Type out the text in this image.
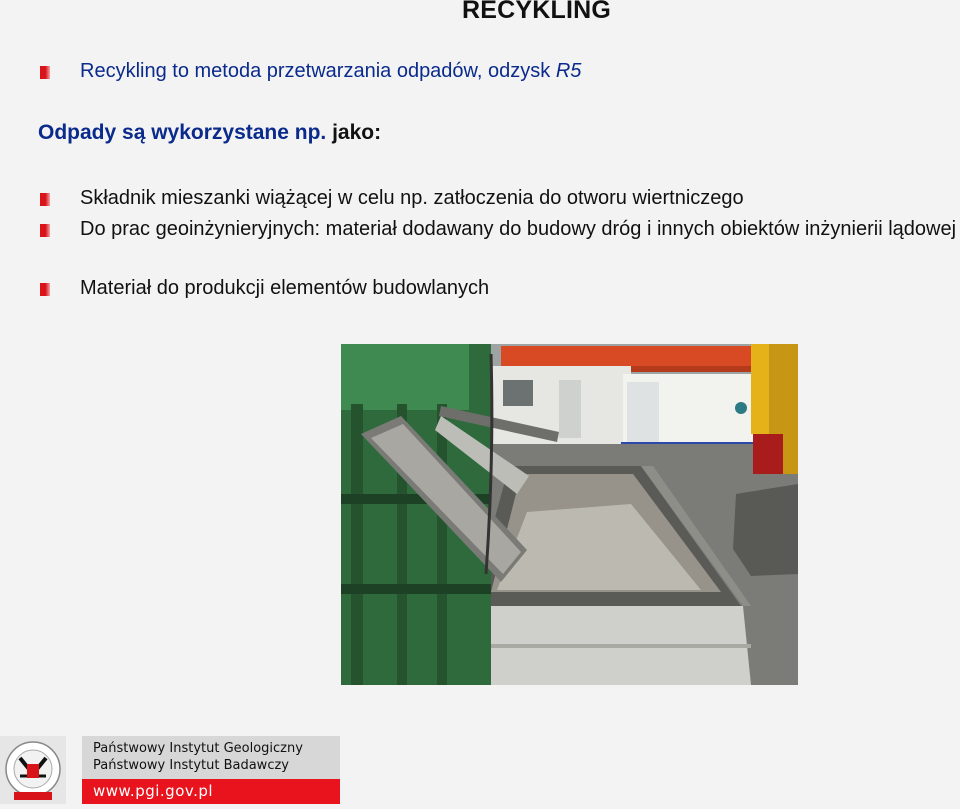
RECYKLING
Recykling to metoda przetwarzania odpadów, odzysk R5
Odpady są wykorzystane np. jako:
Składnik mieszanki wiążącej w celu np. zatłoczenia do otworu wiertniczego
Do prac geoinżynieryjnych: materiał dodawany do budowy dróg i innych obiektów inżynierii lądowej
Materiał do produkcji elementów budowlanych
Państwowy Instytut Geologiczny
Państwowy Instytut Badawczy
www.pgi.gov.pl
